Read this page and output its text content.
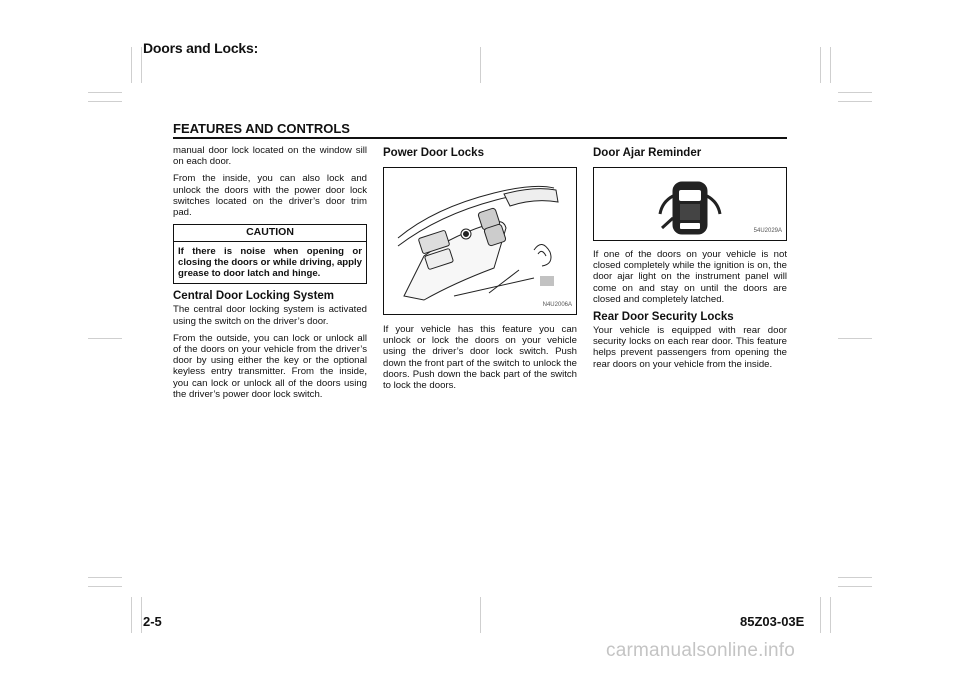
Doors and Locks:
FEATURES AND CONTROLS

manual door lock located on the window sill on each door.

From the inside, you can also lock and unlock the doors with the power door lock switches located on the driver’s door trim pad.

CAUTION
If there is noise when opening or closing the doors or while driving, apply grease to door latch and hinge.
Central Door Locking System

The central door locking system is activated using the switch on the driver’s door.

From the outside, you can lock or unlock all of the doors on your vehicle from the driver’s door by using either the key or the optional keyless entry transmitter. From the inside, you can lock or unlock all of the doors using the driver’s power door lock switch.

Power Door Locks
N4U2006A

If your vehicle has this feature you can unlock or lock the doors on your vehicle using the driver’s door lock switch. Push down the front part of the switch to unlock the doors. Push down the back part of the switch to lock the doors.

Door Ajar Reminder
54U2029A

If one of the doors on your vehicle is not closed completely while the ignition is on, the door ajar light on the instrument panel will come on and stay on until the doors are closed and completely latched.

Rear Door Security Locks

Your vehicle is equipped with rear door security locks on each rear door. This feature helps prevent passengers from opening the rear doors on your vehicle from the inside.

2-5	85Z03-03E
carmanualsonline.info
